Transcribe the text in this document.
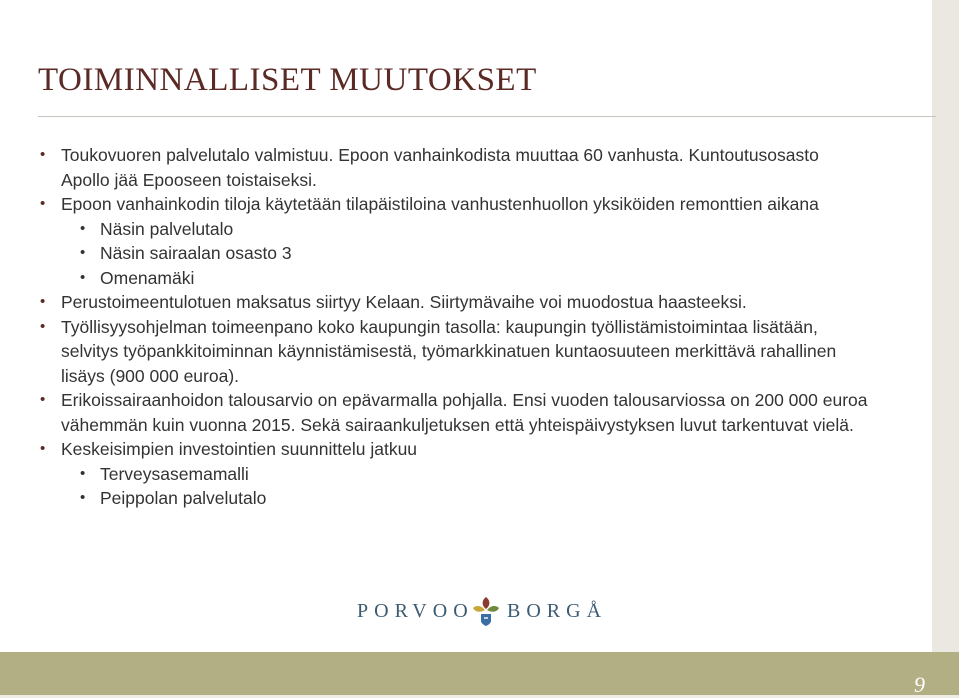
TOIMINNALLISET MUUTOKSET
• Toukovuoren palvelutalo valmistuu. Epoon vanhainkodista muuttaa 60 vanhusta. Kuntoutusosasto Apollo jää Epooseen toistaiseksi.
• Epoon vanhainkodin tiloja käytetään tilapäistiloina vanhustenhuollon yksiköiden remonttien aikana
• Näsin palvelutalo
• Näsin sairaalan osasto 3
• Omenamäki
• Perustoimeentulotuen maksatus siirtyy Kelaan. Siirtymävaihe voi muodostua haasteeksi.
• Työllisyysohjelman toimeenpano koko kaupungin tasolla: kaupungin työllistämistoimintaa lisätään, selvitys työpankkitoiminnan käynnistämisestä, työmarkkinatuen kuntaosuuteen merkittävä rahallinen lisäys (900 000 euroa).
• Erikoissairaanhoidon talousarvio on epävarmalla pohjalla. Ensi vuoden talousarviossa on 200 000 euroa vähemmän kuin vuonna 2015. Sekä sairaankuljetuksen että yhteispäivystyksen luvut tarkentuvat vielä.
• Keskeisimpien investointien suunnittelu jatkuu
• Terveysasemamalli
• Peippolan palvelutalo
PORVOO BORGÅ
9
